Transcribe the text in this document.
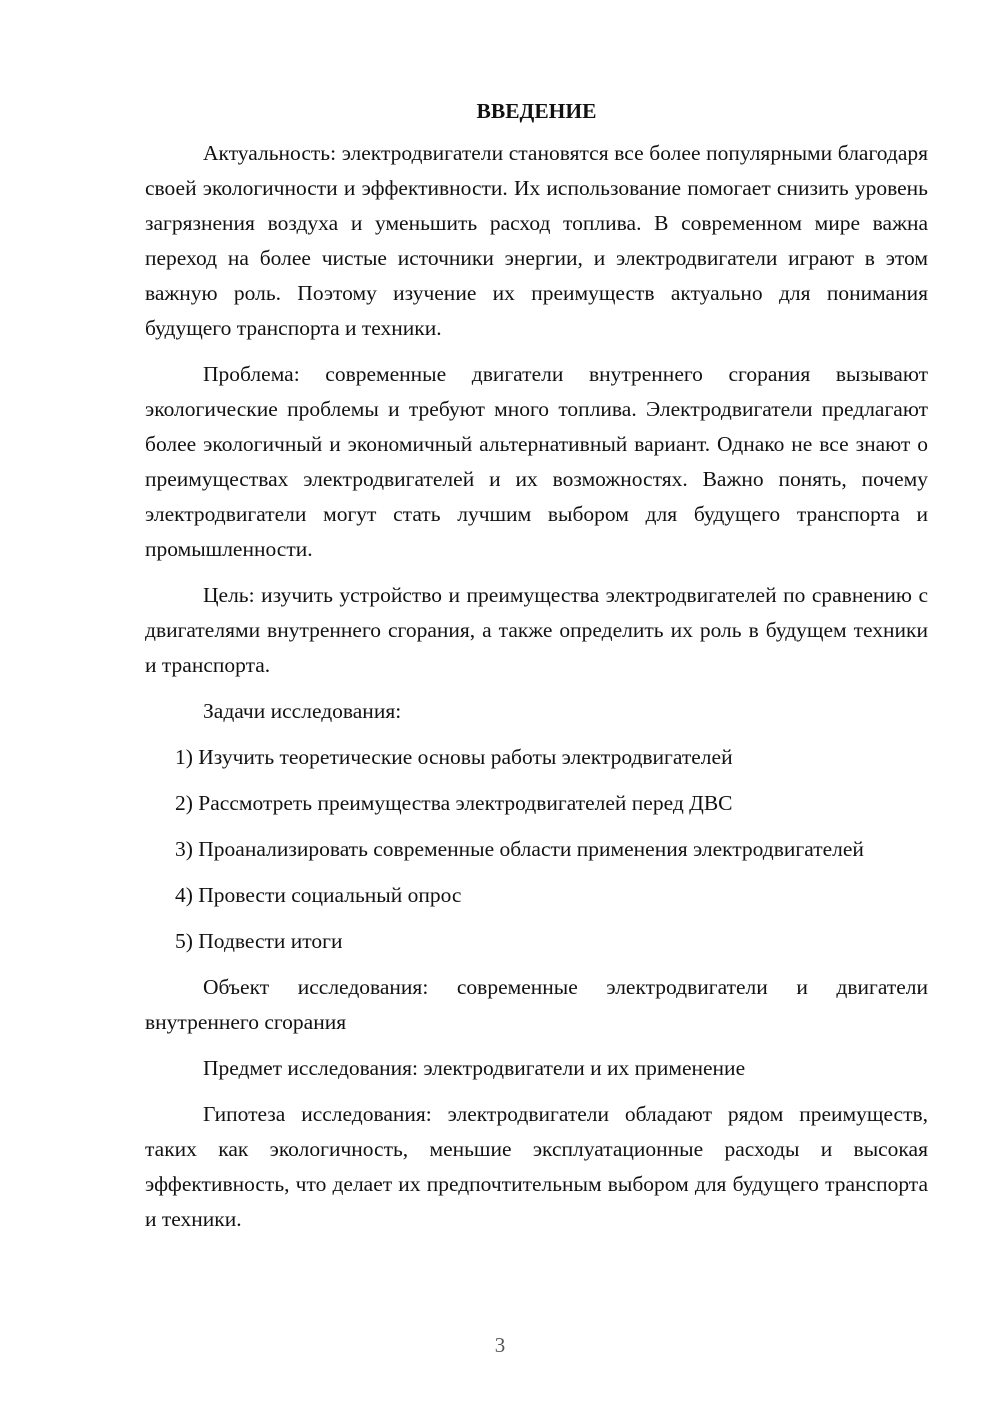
ВВЕДЕНИЕ

Актуальность: электродвигатели становятся все более популярными благодаря своей экологичности и эффективности. Их использование помогает снизить уровень загрязнения воздуха и уменьшить расход топлива. В современном мире важна переход на более чистые источники энергии, и электродвигатели играют в этом важную роль. Поэтому изучение их преимуществ актуально для понимания будущего транспорта и техники.

Проблема: современные двигатели внутреннего сгорания вызывают экологические проблемы и требуют много топлива. Электродвигатели предлагают более экологичный и экономичный альтернативный вариант. Однако не все знают о преимуществах электродвигателей и их возможностях. Важно понять, почему электродвигатели могут стать лучшим выбором для будущего транспорта и промышленности.

Цель: изучить устройство и преимущества электродвигателей по сравнению с двигателями внутреннего сгорания, а также определить их роль в будущем техники и транспорта.

Задачи исследования:

1) Изучить теоретические основы работы электродвигателей

2) Рассмотреть преимущества электродвигателей перед ДВС

3) Проанализировать современные области применения электродвигателей

4) Провести социальный опрос

5) Подвести итоги

Объект исследования: современные электродвигатели и двигатели внутреннего сгорания

Предмет исследования: электродвигатели и их применение

Гипотеза исследования: электродвигатели обладают рядом преимуществ, таких как экологичность, меньшие эксплуатационные расходы и высокая эффективность, что делает их предпочтительным выбором для будущего транспорта и техники.

3
